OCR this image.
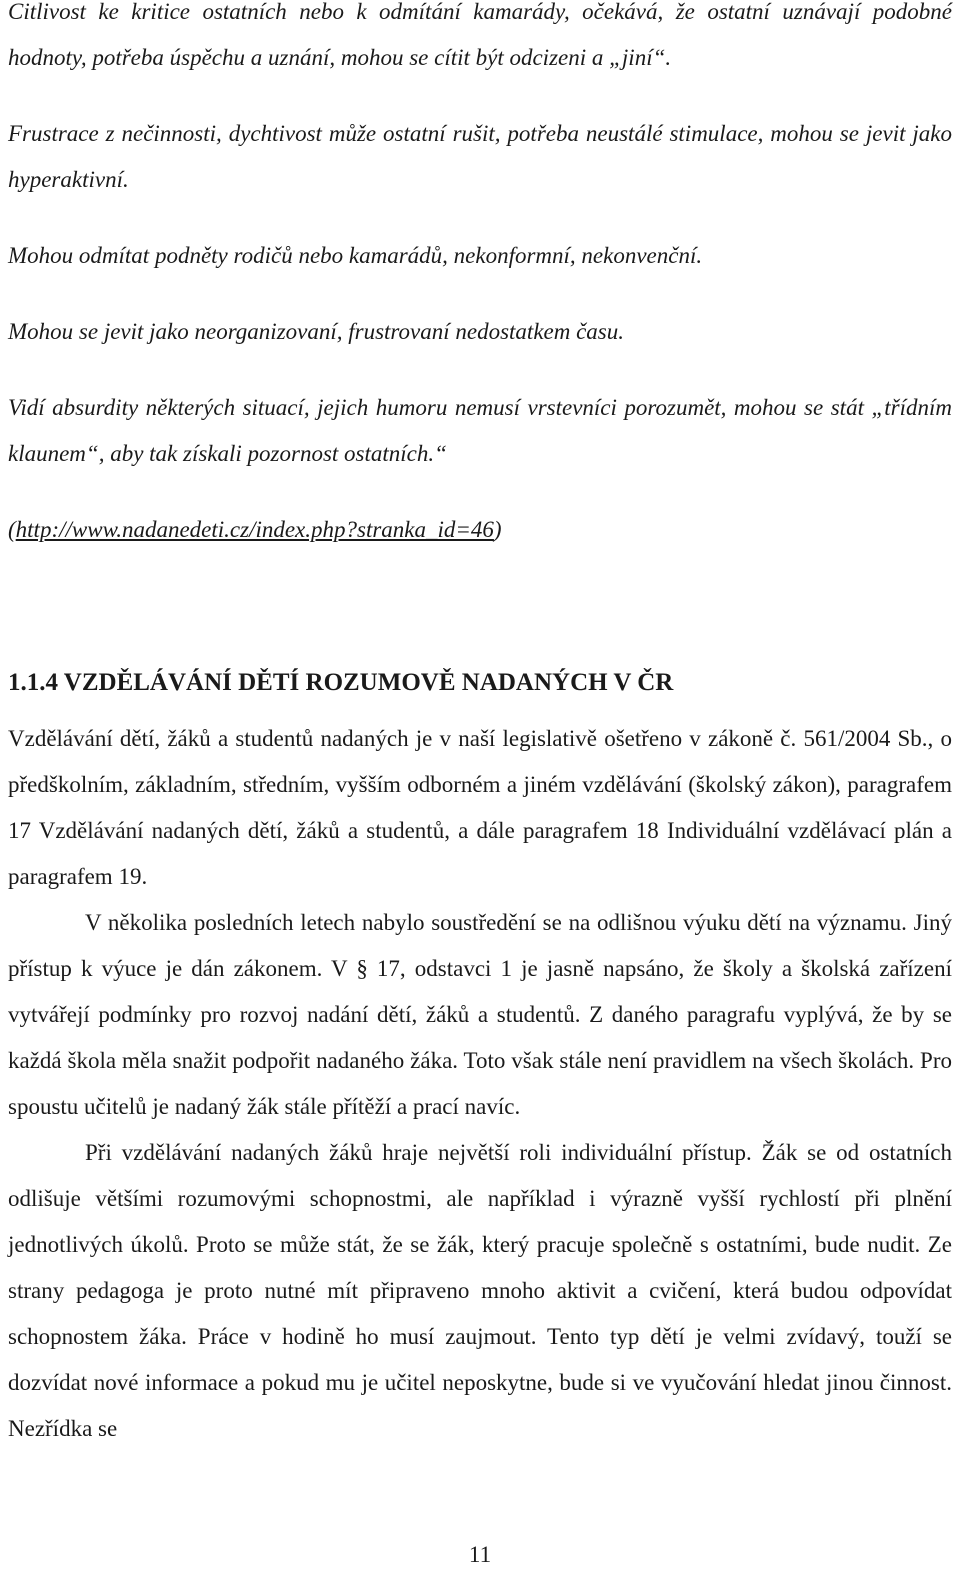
Citlivost ke kritice ostatních nebo k odmítání kamarády, očekává, že ostatní uznávají podobné hodnoty, potřeba úspěchu a uznání, mohou se cítit být odcizeni a „jiní“.

Frustrace z nečinnosti, dychtivost může ostatní rušit, potřeba neustálé stimulace, mohou se jevit jako hyperaktivní.

Mohou odmítat podněty rodičů nebo kamarádů, nekonformní, nekonvenční.

Mohou se jevit jako neorganizovaní, frustrovaní nedostatkem času.

Vidí absurdity některých situací, jejich humoru nemusí vrstevníci porozumět, mohou se stát „třídním klaunem“, aby tak získali pozornost ostatních.“

(http://www.nadanedeti.cz/index.php?stranka_id=46)

1.1.4 VZDĚLÁVÁNÍ DĚTÍ ROZUMOVĚ NADANÝCH V ČR

Vzdělávání dětí, žáků a studentů nadaných je v naší legislativě ošetřeno v zákoně č. 561/2004 Sb., o předškolním, základním, středním, vyšším odborném a jiném vzdělávání (školský zákon), paragrafem 17 Vzdělávání nadaných dětí, žáků a studentů, a dále paragrafem 18 Individuální vzdělávací plán a paragrafem 19.

V několika posledních letech nabylo soustředění se na odlišnou výuku dětí na významu. Jiný přístup k výuce je dán zákonem. V § 17, odstavci 1 je jasně napsáno, že školy a školská zařízení vytvářejí podmínky pro rozvoj nadání dětí, žáků a studentů. Z daného paragrafu vyplývá, že by se každá škola měla snažit podpořit nadaného žáka. Toto však stále není pravidlem na všech školách. Pro spoustu učitelů je nadaný žák stále přítěží a prací navíc.

Při vzdělávání nadaných žáků hraje největší roli individuální přístup. Žák se od ostatních odlišuje většími rozumovými schopnostmi, ale například i výrazně vyšší rychlostí při plnění jednotlivých úkolů. Proto se může stát, že se žák, který pracuje společně s ostatními, bude nudit. Ze strany pedagoga je proto nutné mít připraveno mnoho aktivit a cvičení, která budou odpovídat schopnostem žáka. Práce v hodině ho musí zaujmout. Tento typ dětí je velmi zvídavý, touží se dozvídat nové informace a pokud mu je učitel neposkytne, bude si ve vyučování hledat jinou činnost. Nezřídka se

11
